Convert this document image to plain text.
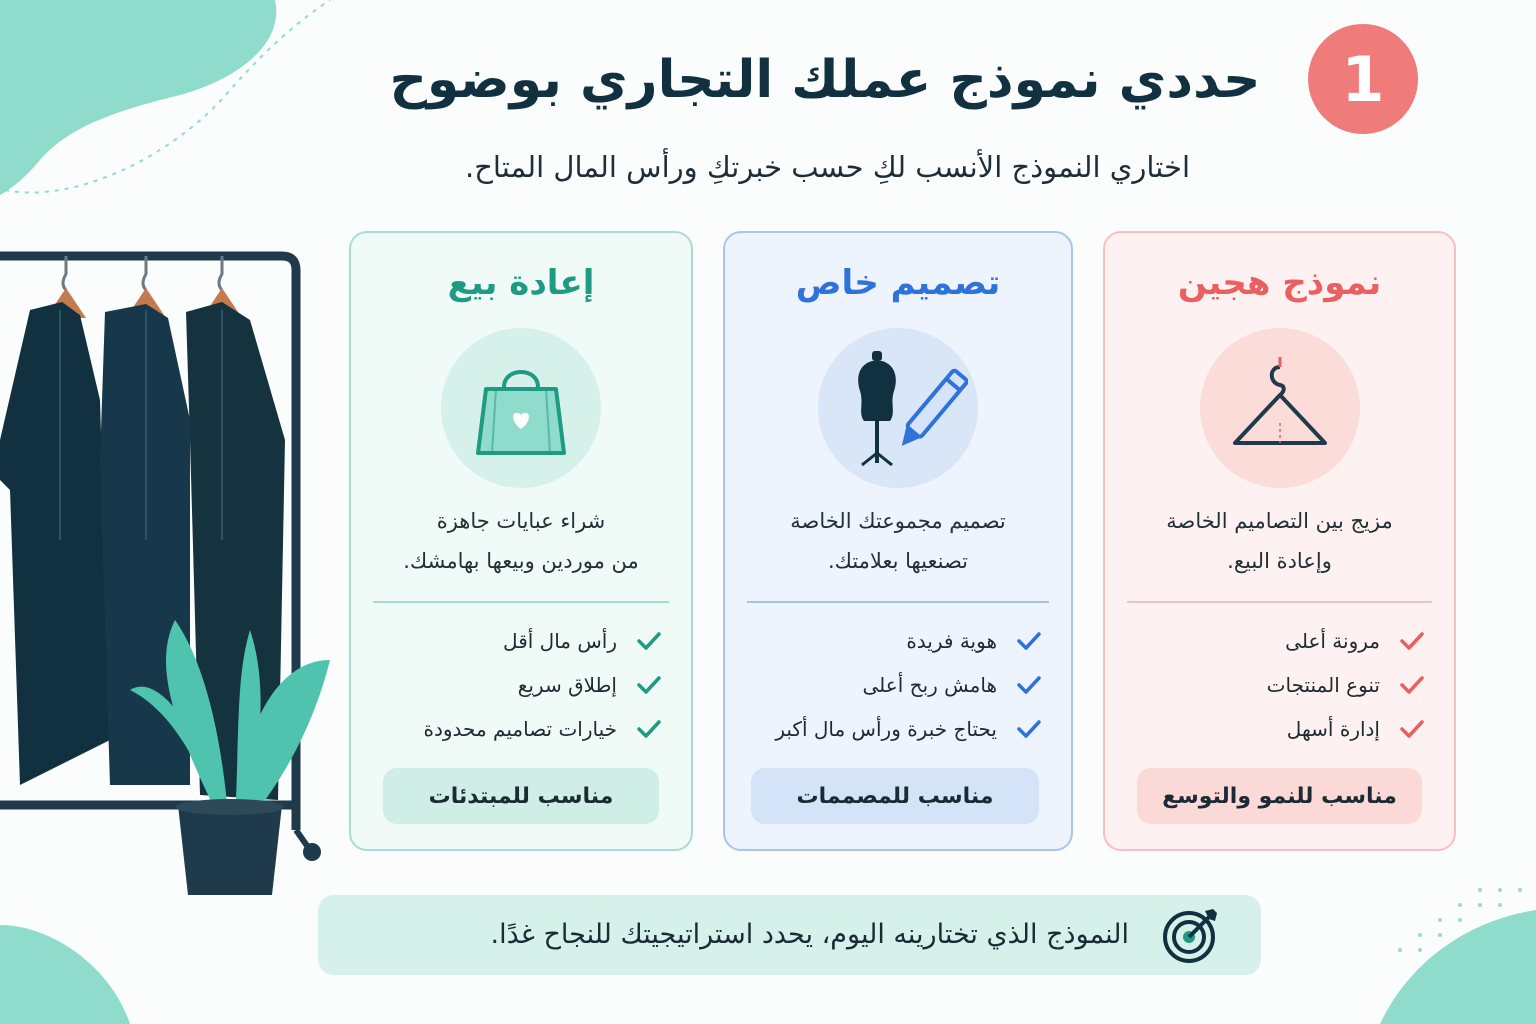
1
حددي نموذج عملك التجاري بوضوح

اختاري النموذج الأنسب لكِ حسب خبرتكِ ورأس المال المتاح.

نموذج هجين
مزيج بين التصاميم الخاصة
وإعادة البيع.
مرونة أعلى
تنوع المنتجات
إدارة أسهل
مناسب للنمو والتوسع
تصميم خاص
تصميم مجموعتك الخاصة
تصنعيها بعلامتك.
هوية فريدة
هامش ربح أعلى
يحتاج خبرة ورأس مال أكبر
مناسب للمصممات
إعادة بيع
شراء عبايات جاهزة
من موردين وبيعها بهامشك.
رأس مال أقل
إطلاق سريع
خيارات تصاميم محدودة
مناسب للمبتدئات
النموذج الذي تختارينه اليوم، يحدد استراتيجيتك للنجاح غدًا.
